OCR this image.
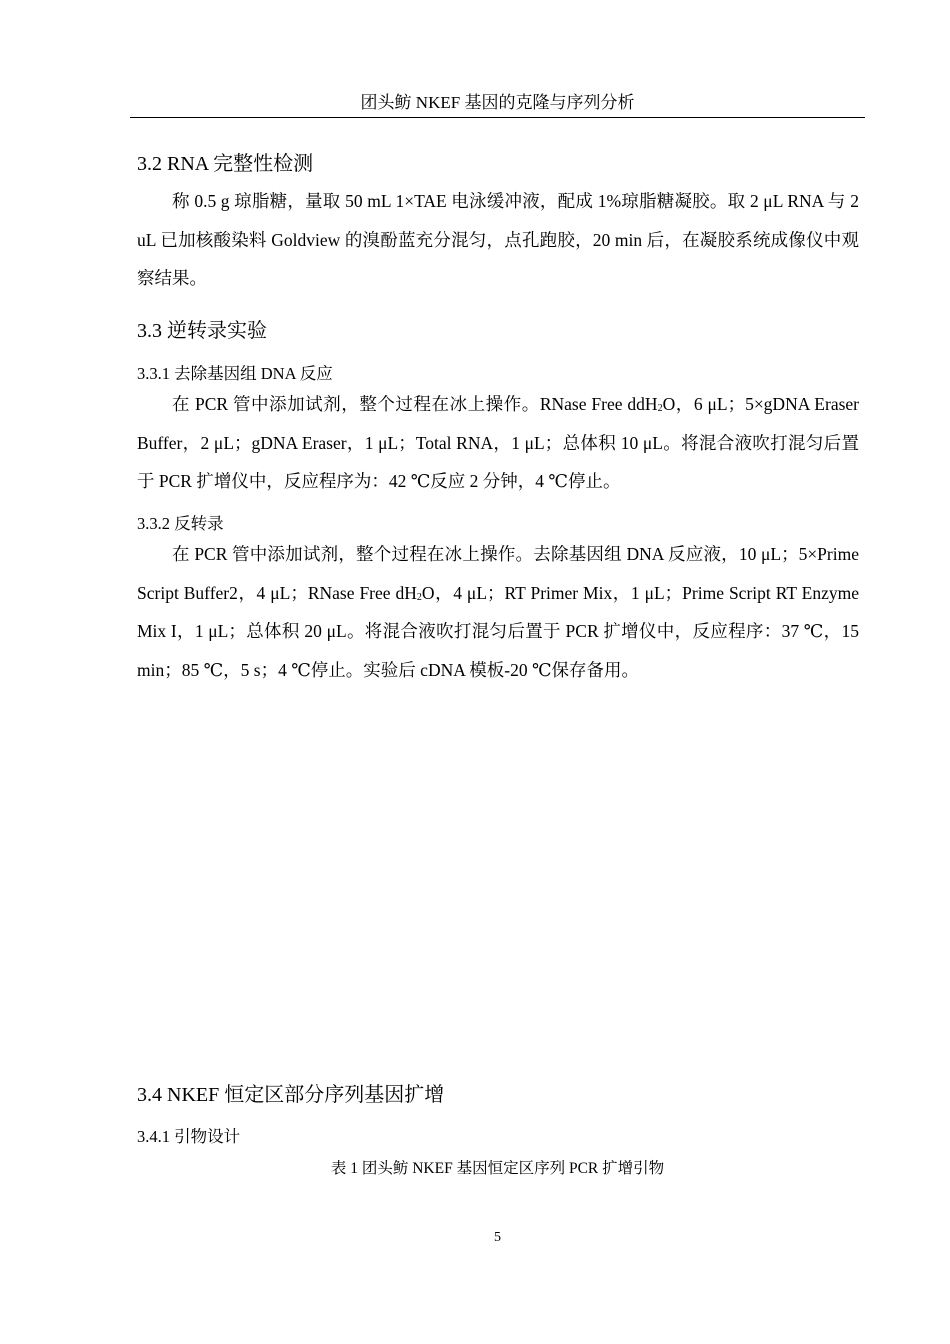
团头鲂 NKEF 基因的克隆与序列分析
3.2 RNA 完整性检测
称 0.5 g 琼脂糖，量取 50 mL 1×TAE 电泳缓冲液，配成 1%琼脂糖凝胶。取 2 μL RNA 与 2 uL 已加核酸染料 Goldview 的溴酚蓝充分混匀，点孔跑胶，20 min 后，在凝胶系统成像仪中观察结果。
3.3 逆转录实验
3.3.1 去除基因组 DNA 反应
在 PCR 管中添加试剂，整个过程在冰上操作。RNase Free ddH$_2$O，6 μL；5×gDNA Eraser Buffer，2 μL；gDNA Eraser，1 μL；Total RNA，1 μL；总体积 10 μL。将混合液吹打混匀后置于 PCR 扩增仪中，反应程序为：42 ℃反应 2 分钟，4 ℃停止。
3.3.2 反转录
在 PCR 管中添加试剂，整个过程在冰上操作。去除基因组 DNA 反应液，10 μL；5×Prime Script Buffer2，4 μL；RNase Free $dH_2O$，4 μL；RT Primer Mix，1 μL；Prime Script RT Enzyme Mix I，1 μL；总体积 20 μL。将混合液吹打混匀后置于 PCR 扩增仪中，反应程序：37 ℃，15 min；85 ℃，5 s；4 ℃停止。实验后 cDNA 模板-20 ℃保存备用。
3.4 NKEF 恒定区部分序列基因扩增
3.4.1 引物设计
表 1 团头鲂 NKEF 基因恒定区序列 PCR 扩增引物
5
